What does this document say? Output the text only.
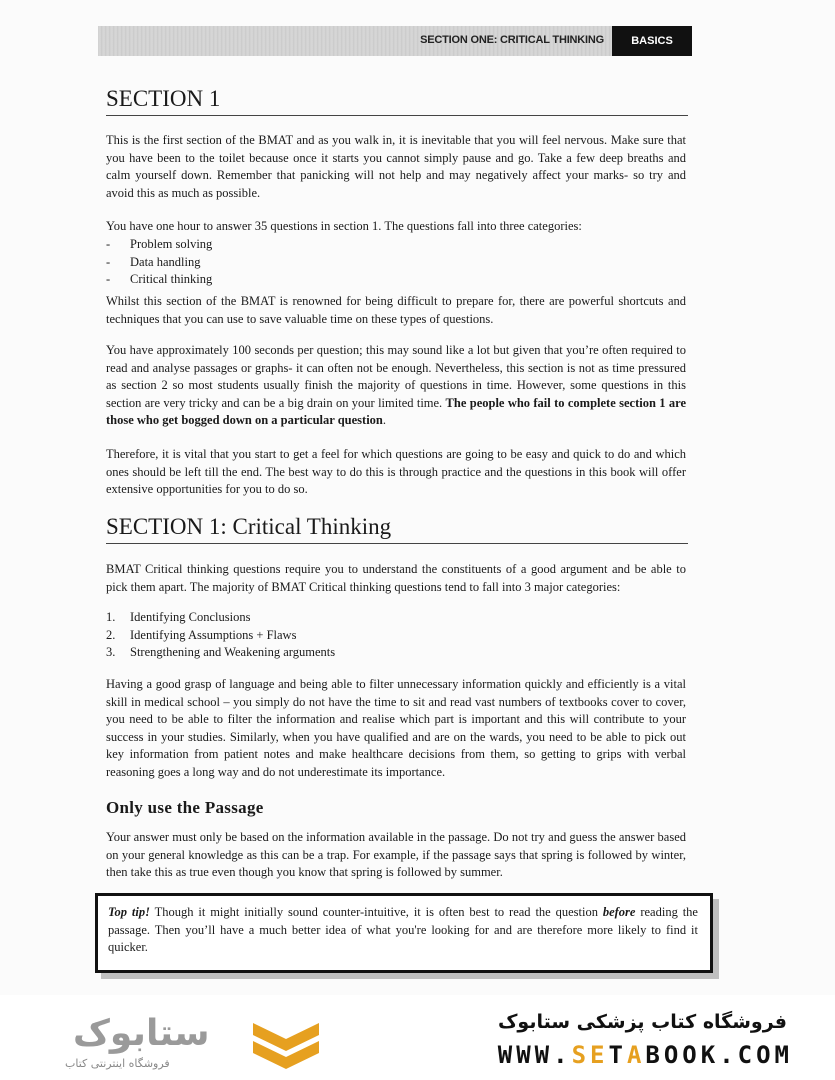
SECTION ONE: CRITICAL THINKING	BASICS
SECTION 1

This is the first section of the BMAT and as you walk in, it is inevitable that you will feel nervous. Make sure that you have been to the toilet because once it starts you cannot simply pause and go. Take a few deep breaths and calm yourself down. Remember that panicking will not help and may negatively affect your marks- so try and avoid this as much as possible.

You have one hour to answer 35 questions in section 1. The questions fall into three categories:

-	Problem solving
-	Data handling
-	Critical thinking

Whilst this section of the BMAT is renowned for being difficult to prepare for, there are powerful shortcuts and techniques that you can use to save valuable time on these types of questions.

You have approximately 100 seconds per question; this may sound like a lot but given that you’re often required to read and analyse passages or graphs- it can often not be enough. Nevertheless, this section is not as time pressured as section 2 so most students usually finish the majority of questions in time. However, some questions in this section are very tricky and can be a big drain on your limited time. The people who fail to complete section 1 are those who get bogged down on a particular question.

Therefore, it is vital that you start to get a feel for which questions are going to be easy and quick to do and which ones should be left till the end. The best way to do this is through practice and the questions in this book will offer extensive opportunities for you to do so.

SECTION 1: Critical Thinking

BMAT Critical thinking questions require you to understand the constituents of a good argument and be able to pick them apart. The majority of BMAT Critical thinking questions tend to fall into 3 major categories:

1.	Identifying Conclusions
2.	Identifying Assumptions + Flaws
3.	Strengthening and Weakening arguments

Having a good grasp of language and being able to filter unnecessary information quickly and efficiently is a vital skill in medical school – you simply do not have the time to sit and read vast numbers of textbooks cover to cover, you need to be able to filter the information and realise which part is important and this will contribute to your success in your studies. Similarly, when you have qualified and are on the wards, you need to be able to pick out key information from patient notes and make healthcare decisions from them, so getting to grips with verbal reasoning goes a long way and do not underestimate its importance.

Only use the Passage

Your answer must only be based on the information available in the passage. Do not try and guess the answer based on your general knowledge as this can be a trap. For example, if the passage says that spring is followed by winter, then take this as true even though you know that spring is followed by summer.

Top tip! Though it might initially sound counter-intuitive, it is often best to read the question before reading the passage. Then you’ll have a much better idea of what you're looking for and are therefore more likely to find it quicker.

ستابوک
فروشگاه اینترنتی کتاب
فروشگاه کتاب پزشکی ستابوک
WWW.SETABOOK.COM
